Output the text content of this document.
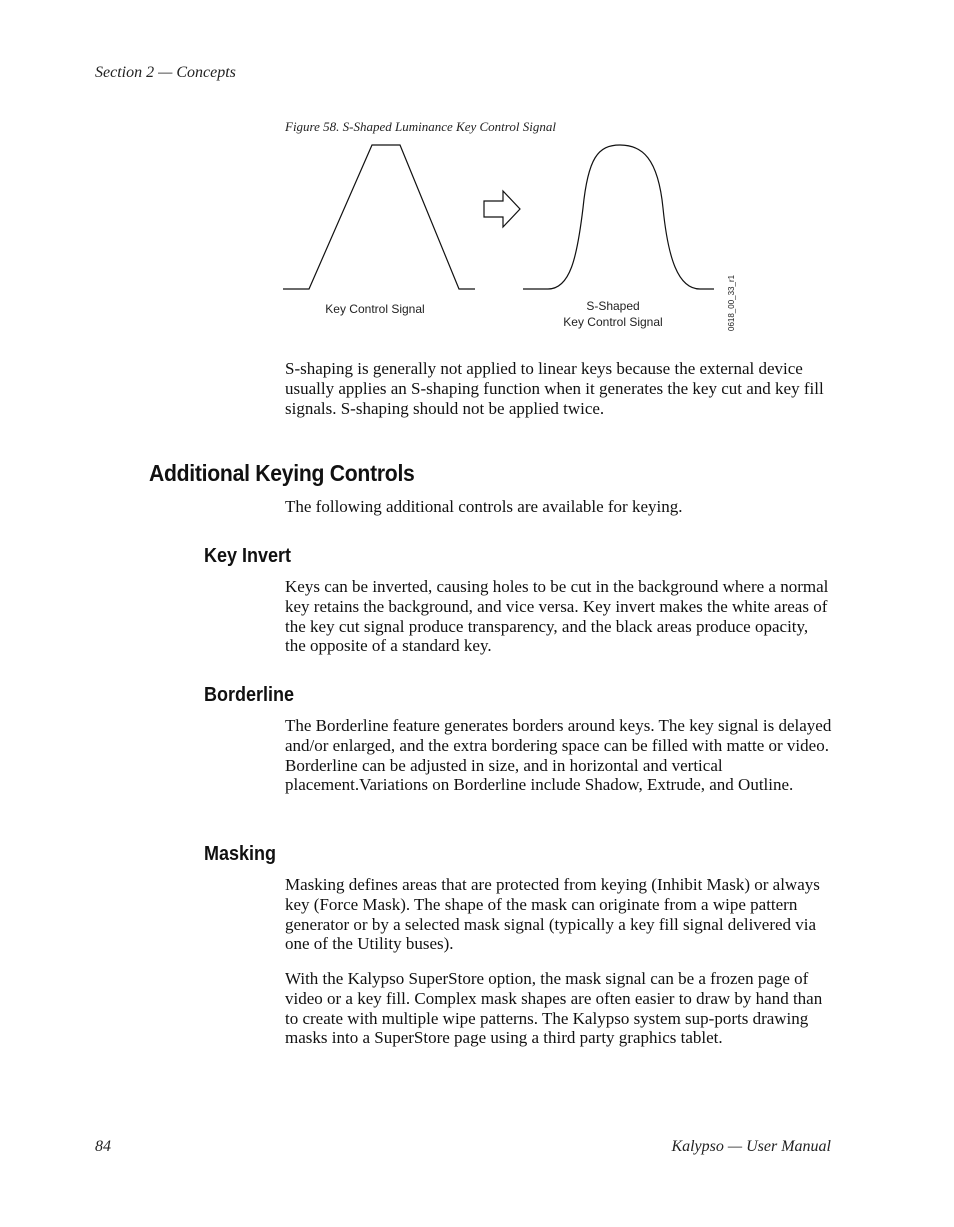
Section 2 — Concepts
Figure 58. S-Shaped Luminance Key Control Signal
Key Control Signal	S-Shaped
Key Control Signal	0618_00_33_r1

S-shaping is generally not applied to linear keys because the external device usually applies an S-shaping function when it generates the key cut and key fill signals. S-shaping should not be applied twice.

Additional Keying Controls

The following additional controls are available for keying.

Key Invert

Keys can be inverted, causing holes to be cut in the background where a normal key retains the background, and vice versa. Key invert makes the white areas of the key cut signal produce transparency, and the black areas produce opacity, the opposite of a standard key.

Borderline

The Borderline feature generates borders around keys. The key signal is delayed and/or enlarged, and the extra bordering space can be filled with matte or video. Borderline can be adjusted in size, and in horizontal and vertical placement.Variations on Borderline include Shadow, Extrude, and Outline.

Masking

Masking defines areas that are protected from keying (Inhibit Mask) or always key (Force Mask). The shape of the mask can originate from a wipe pattern generator or by a selected mask signal (typically a key fill signal delivered via one of the Utility buses).

With the Kalypso SuperStore option, the mask signal can be a frozen page of video or a key fill. Complex mask shapes are often easier to draw by hand than to create with multiple wipe patterns. The Kalypso system sup-ports drawing masks into a SuperStore page using a third party graphics tablet.

84	Kalypso — User Manual
